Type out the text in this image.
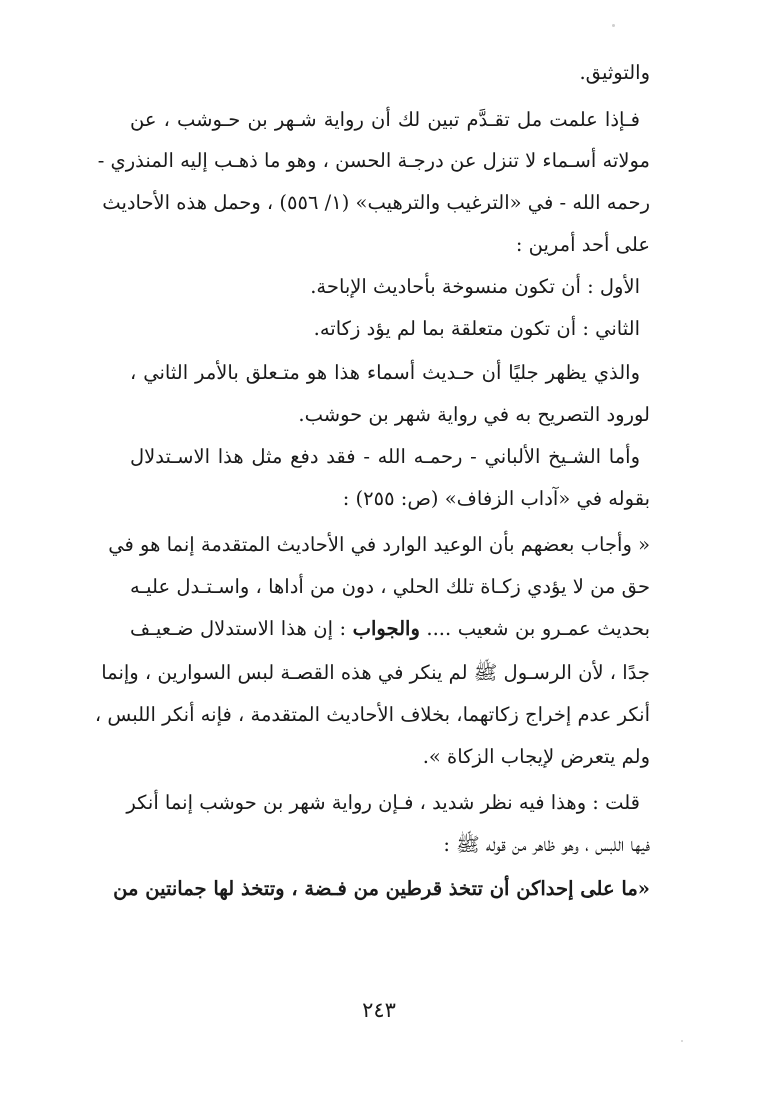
والتوثيق.
فـإذا علمت مل تقـدَّم تبين لك أن رواية شـهر بن حـوشب ، عن
مولاته أسـماء لا تنزل عن درجـة الحسن ، وهو ما ذهـب إليه المنذري -
رحمه الله - في «الترغيب والترهيب» (١/ ٥٥٦) ، وحمل هذه الأحاديث
على أحد أمرين :
الأول : أن تكون منسوخة بأحاديث الإباحة.
الثاني : أن تكون متعلقة بما لم يؤد زكاته.
والذي يظهر جليًا أن حـديث أسماء هذا هو متـعلق بالأمر الثاني ،
لورود التصريح به في رواية شهر بن حوشب.
وأما الشـيخ الألباني - رحمـه الله - فقد دفع مثل هذا الاسـتدلال
بقوله في «آداب الزفاف» (ص: ٢٥٥) :
« وأجاب بعضهم بأن الوعيد الوارد في الأحاديث المتقدمة إنما هو في
حق من لا يؤدي زكـاة تلك الحلي ، دون من أداها ، واسـتـدل عليـه
بحديث عمـرو بن شعيب .... والجواب : إن هذا الاستدلال ضـعيـف
جدًا ، لأن الرسـول ﷺ لم ينكر في هذه القصـة لبس السوارين ، وإنما
أنكر عدم إخراج زكاتهما، بخلاف الأحاديث المتقدمة ، فإنه أنكر اللبس ،
ولم يتعرض لإيجاب الزكاة ».
قلت : وهذا فيه نظر شديد ، فـإن رواية شهر بن حوشب إنما أنكر
فيها اللبس ، وهو ظاهر من قوله ﷺ :
«ما على إحداكن أن تتخذ قرطين من فـضة ، وتتخذ لها جمانتين من
٢٤٣
